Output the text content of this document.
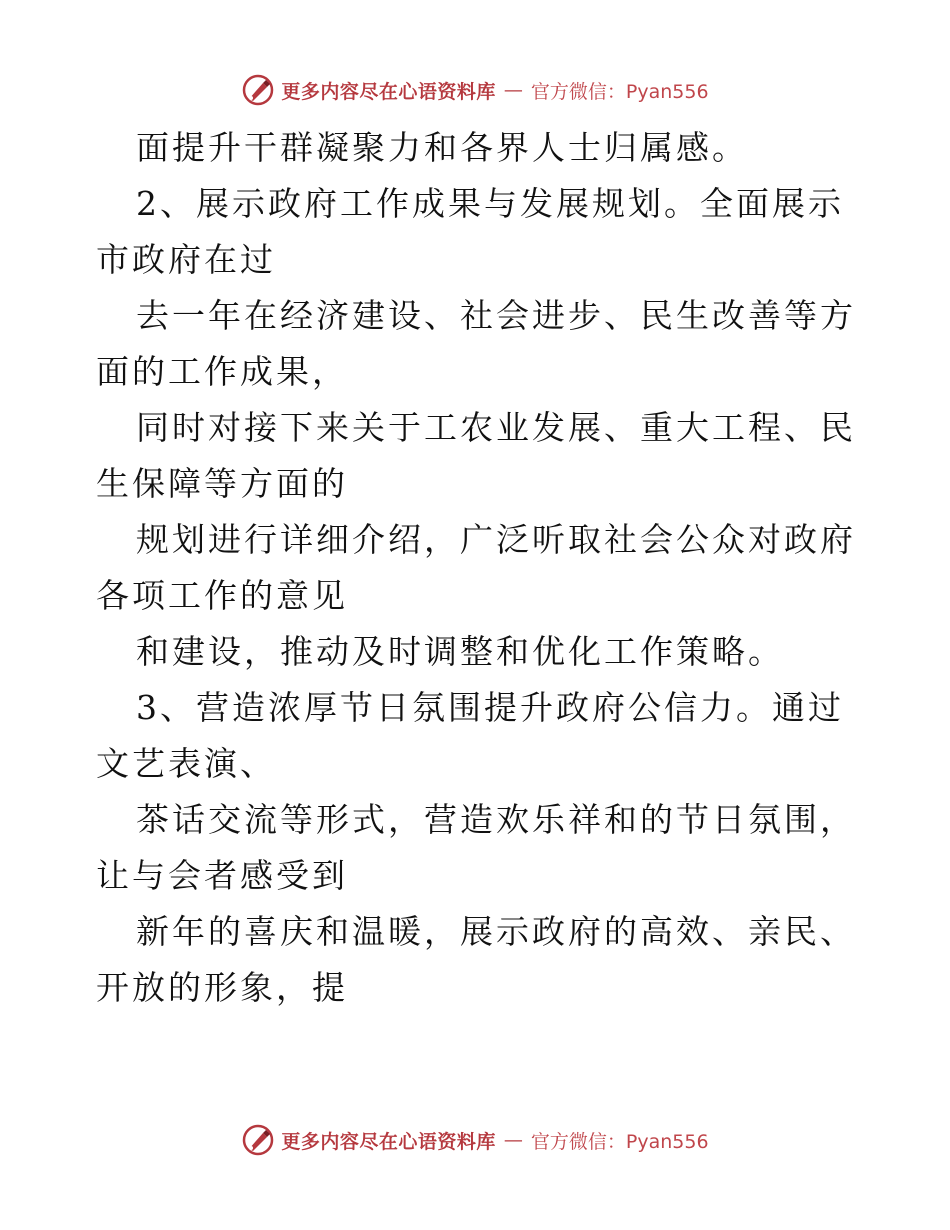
更多内容尽在心语资料库 — 官方微信：Pyan556

面提升干群凝聚力和各界人士归属感。

2、展示政府工作成果与发展规划。全面展示市政府在过

去一年在经济建设、社会进步、民生改善等方面的工作成果，

同时对接下来关于工农业发展、重大工程、民生保障等方面的

规划进行详细介绍，广泛听取社会公众对政府各项工作的意见

和建设，推动及时调整和优化工作策略。

3、营造浓厚节日氛围提升政府公信力。通过文艺表演、

茶话交流等形式，营造欢乐祥和的节日氛围，让与会者感受到

新年的喜庆和温暖，展示政府的高效、亲民、开放的形象，提

更多内容尽在心语资料库 — 官方微信：Pyan556
